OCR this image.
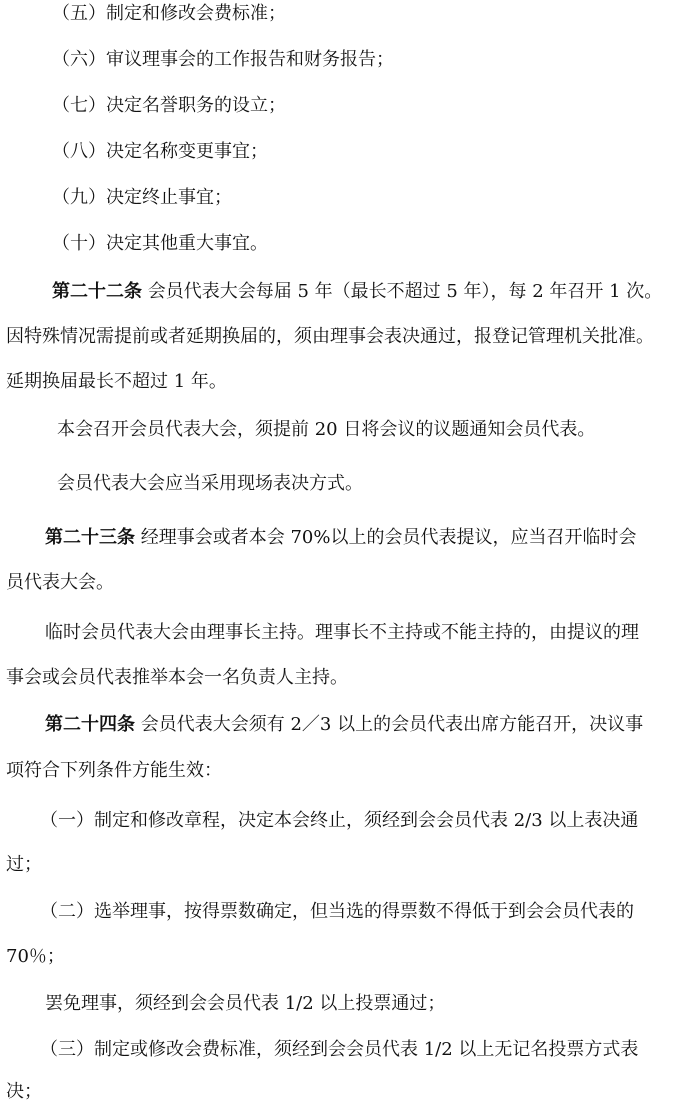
（五）制定和修改会费标准；
（六）审议理事会的工作报告和财务报告；
（七）决定名誉职务的设立；
（八）决定名称变更事宜；
（九）决定终止事宜；
（十）决定其他重大事宜。
第二十二条 会员代表大会每届 5 年（最长不超过 5 年），每 2 年召开 1 次。
因特殊情况需提前或者延期换届的，须由理事会表决通过，报登记管理机关批准。
延期换届最长不超过 1 年。
本会召开会员代表大会，须提前 20 日将会议的议题通知会员代表。
会员代表大会应当采用现场表决方式。
第二十三条 经理事会或者本会 70%以上的会员代表提议，应当召开临时会
员代表大会。
临时会员代表大会由理事长主持。理事长不主持或不能主持的，由提议的理
事会或会员代表推举本会一名负责人主持。
第二十四条 会员代表大会须有 2／3 以上的会员代表出席方能召开，决议事
项符合下列条件方能生效：
（一）制定和修改章程，决定本会终止，须经到会会员代表 2/3 以上表决通
过；
（二）选举理事，按得票数确定，但当选的得票数不得低于到会会员代表的
70％；
罢免理事，须经到会会员代表 1/2 以上投票通过；
（三）制定或修改会费标准，须经到会会员代表 1/2 以上无记名投票方式表
决；
